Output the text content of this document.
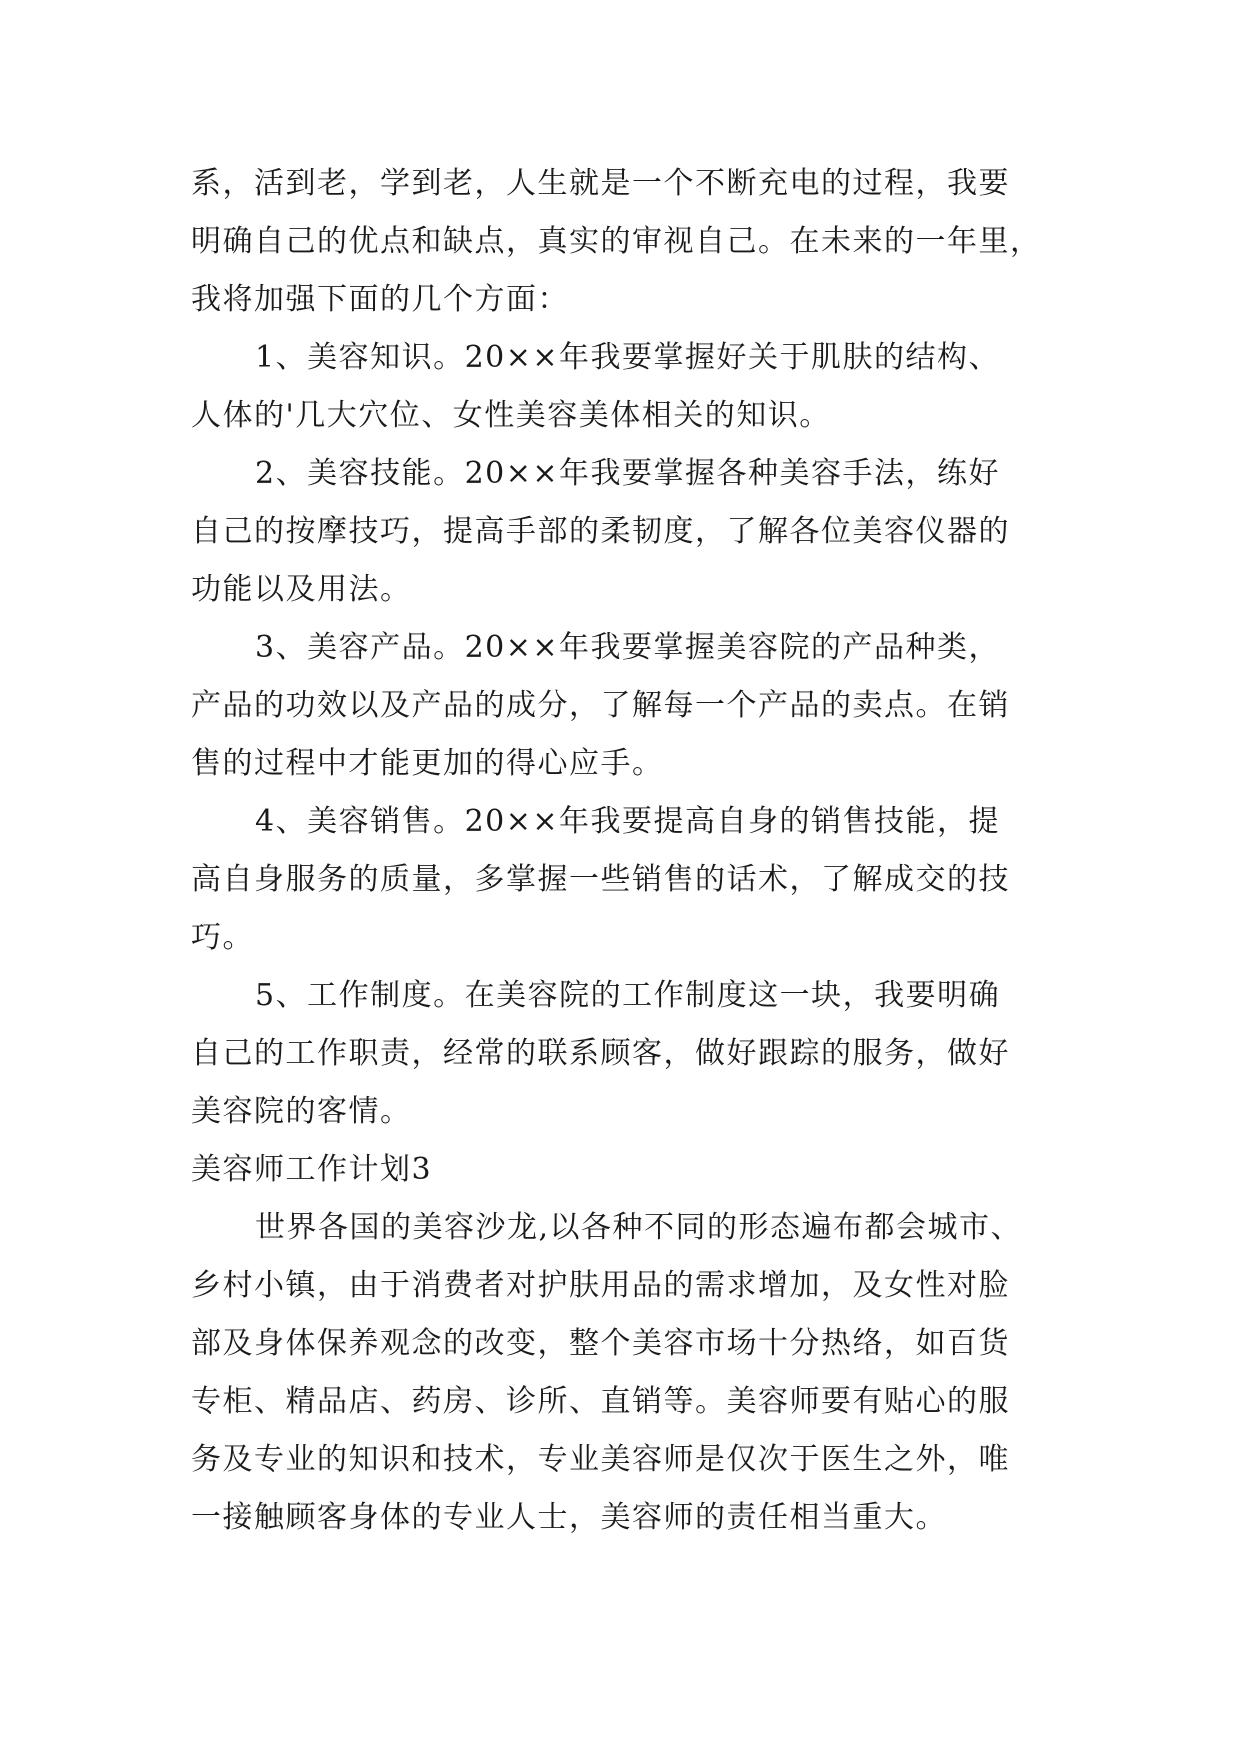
系，活到老，学到老，人生就是一个不断充电的过程，我要
明确自己的优点和缺点，真实的审视自己。在未来的一年里，
我将加强下面的几个方面：
1、美容知识。20××年我要掌握好关于肌肤的结构、
人体的'几大穴位、女性美容美体相关的知识。
2、美容技能。20××年我要掌握各种美容手法，练好
自己的按摩技巧，提高手部的柔韧度，了解各位美容仪器的
功能以及用法。
3、美容产品。20××年我要掌握美容院的产品种类，
产品的功效以及产品的成分，了解每一个产品的卖点。在销
售的过程中才能更加的得心应手。
4、美容销售。20××年我要提高自身的销售技能，提
高自身服务的质量，多掌握一些销售的话术，了解成交的技
巧。
5、工作制度。在美容院的工作制度这一块，我要明确
自己的工作职责，经常的联系顾客，做好跟踪的服务，做好
美容院的客情。
美容师工作计划3
世界各国的美容沙龙,以各种不同的形态遍布都会城市、
乡村小镇，由于消费者对护肤用品的需求增加，及女性对脸
部及身体保养观念的改变，整个美容市场十分热络，如百货
专柜、精品店、药房、诊所、直销等。美容师要有贴心的服
务及专业的知识和技术，专业美容师是仅次于医生之外，唯
一接触顾客身体的专业人士，美容师的责任相当重大。
